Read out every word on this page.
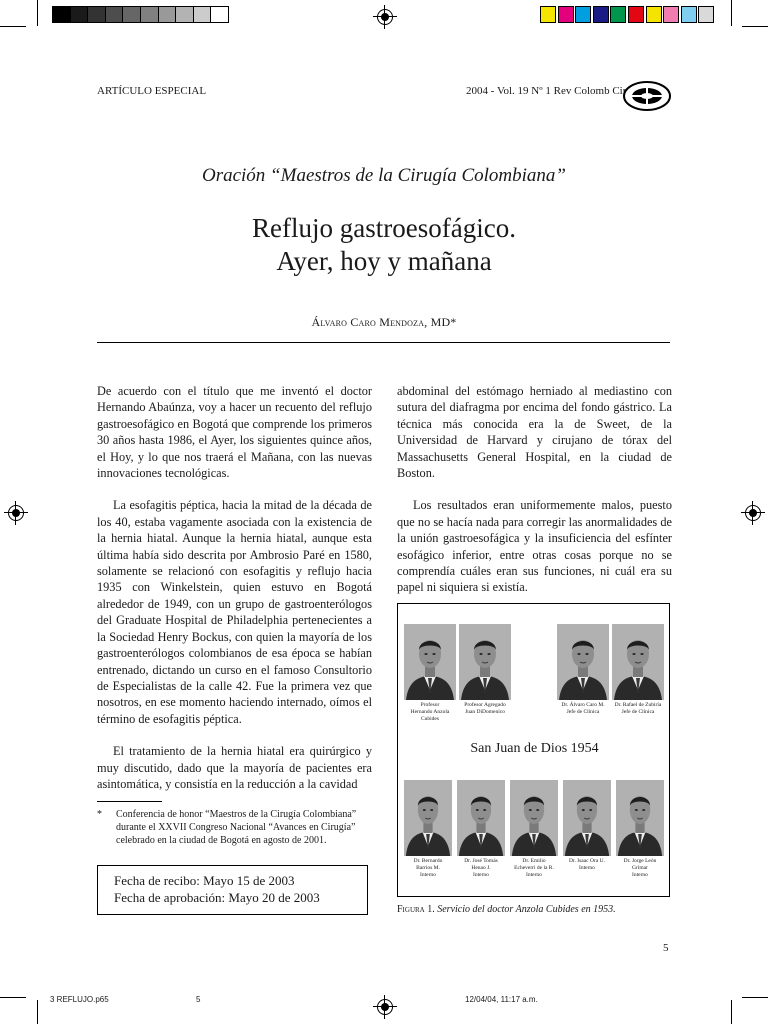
ARTÍCULO ESPECIAL	2004 - Vol. 19 Nº 1 Rev Colomb Cir
Oración “Maestros de la Cirugía Colombiana”
Reflujo gastroesofágico.
Ayer, hoy y mañana
Álvaro Caro Mendoza, MD*

De acuerdo con el título que me inventó el doctor Hernando Abaúnza, voy a hacer un recuento del reflujo gastroesofágico en Bogotá que comprende los primeros 30 años hasta 1986, el Ayer, los siguientes quince años, el Hoy, y lo que nos traerá el Mañana, con las nuevas innovaciones tecnológicas.

La esofagitis péptica, hacia la mitad de la década de los 40, estaba vagamente asociada con la existencia de la hernia hiatal. Aunque la hernia hiatal, aunque esta última había sido descrita por Ambrosio Paré en 1580, solamente se relacionó con esofagitis y reflujo hacia 1935 con Winkelstein, quien estuvo en Bogotá alrededor de 1949, con un grupo de gastroenterólogos del Graduate Hospital de Philadelphia pertenecientes a la Sociedad Henry Bockus, con quien la mayoría de los gastroenterólogos colombianos de esa época se habían entrenado, dictando un curso en el famoso Consultorio de Especialistas de la calle 42. Fue la primera vez que nosotros, en ese momento haciendo internado, oímos el término de esofagitis péptica.

El tratamiento de la hernia hiatal era quirúrgico y muy discutido, dado que la mayoría de pacientes era asintomática, y consistía en la reducción a la cavidad

* Conferencia de honor “Maestros de la Cirugía Colombiana” durante el XXVII Congreso Nacional “Avances en Cirugía” celebrado en la ciudad de Bogotá en agosto de 2001.
Fecha de recibo: Mayo 15 de 2003
Fecha de aprobación: Mayo 20 de 2003

abdominal del estómago herniado al mediastino con sutura del diafragma por encima del fondo gástrico. La técnica más conocida era la de Sweet, de la Universidad de Harvard y cirujano de tórax del Massachusetts General Hospital, en la ciudad de Boston.

Los resultados eran uniformemente malos, puesto que no se hacía nada para corregir las anormalidades de la unión gastroesofágica y la insuficiencia del esfínter esofágico inferior, entre otras cosas porque no se comprendía cuáles eran sus funciones, ni cuál era su papel ni siquiera si existía.

Profesor
Hernando Anzola
Cubides
Profesor Agregado
Juan DiDomenico
Dr. Álvaro Caro M.
Jefe de Clínica
Dr. Rafael de Zubiría
Jefe de Clínica
San Juan de Dios 1954
Dr. Bernardo
Barrios M.
Interno
Dr. José Tomás
Henao J.
Interno
Dr. Emilio
Echeverri de la R.
Interno
Dr. Isaac Ora U.
Interno
Dr. Jorge León
Grimar
Interno
Figura 1. Servicio del doctor Anzola Cubides en 1953.
5
3 REFLUJO.p65	5	12/04/04, 11:17 a.m.
